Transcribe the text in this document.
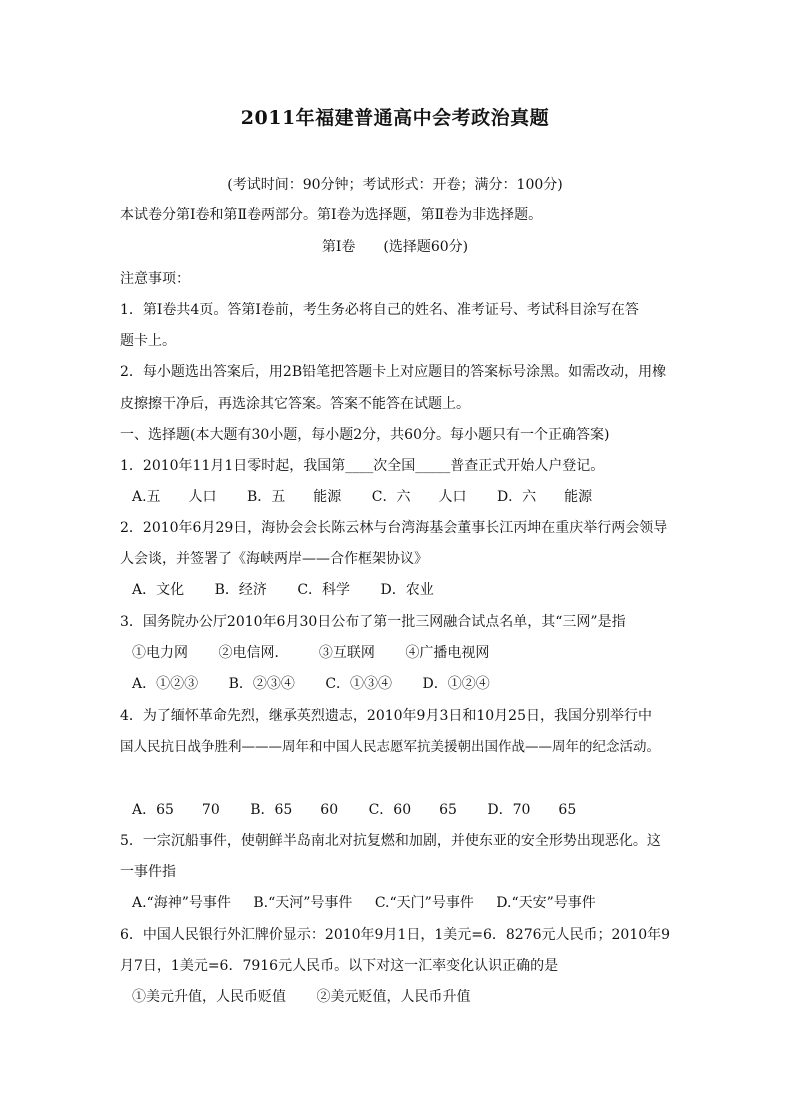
2011年福建普通高中会考政治真题
(考试时间：90分钟；考试形式：开卷；满分：100分)
本试卷分第Ⅰ卷和第Ⅱ卷两部分。第Ⅰ卷为选择题，第Ⅱ卷为非选择题。
第Ⅰ卷　　(选择题60分)
注意事项：
1．第Ⅰ卷共4页。答第Ⅰ卷前，考生务必将自己的姓名、准考证号、考试科目涂写在答
题卡上。
2．每小题选出答案后，用2B铅笔把答题卡上对应题目的答案标号涂黑。如需改动，用橡
皮擦擦干净后，再选涂其它答案。答案不能答在试题上。
一、选择题(本大题有30小题，每小题2分，共60分。每小题只有一个正确答案)
1．2010年11月1日零时起，我国第____次全国_____普查正式开始人户登记。
A.五　　人口 B．五　　能源 C．六　　人口 D．六　　能源
2．2010年6月29日，海协会会长陈云林与台湾海基会董事长江丙坤在重庆举行两会领导
人会谈，并签署了《海峡两岸——合作框架协议》
A．文化 B．经济 C．科学 D．农业
3．国务院办公厅2010年6月30日公布了第一批三网融合试点名单，其“三网”是指
①电力网 ②电信网． ③互联网 ④广播电视网
A．①②③ B．②③④ C．①③④ D．①②④
4．为了缅怀革命先烈，继承英烈遗志，2010年9月3日和10月25日，我国分别举行中
国人民抗日战争胜利———周年和中国人民志愿军抗美援朝出国作战——周年的纪念活动。
A．65　　70 B．65　　60 C．60　　65 D．70　　65
5．一宗沉船事件，使朝鲜半岛南北对抗复燃和加剧，并使东亚的安全形势出现恶化。这
一事件指
A.“海神”号事件 B.“天河”号事件 C.“天门”号事件 D.“天安”号事件
6．中国人民银行外汇牌价显示：2010年9月1日，1美元=6．8276元人民币；2010年9
月7日，1美元=6．7916元人民币。以下对这一汇率变化认识正确的是
①美元升值，人民币贬值 ②美元贬值，人民币升值
